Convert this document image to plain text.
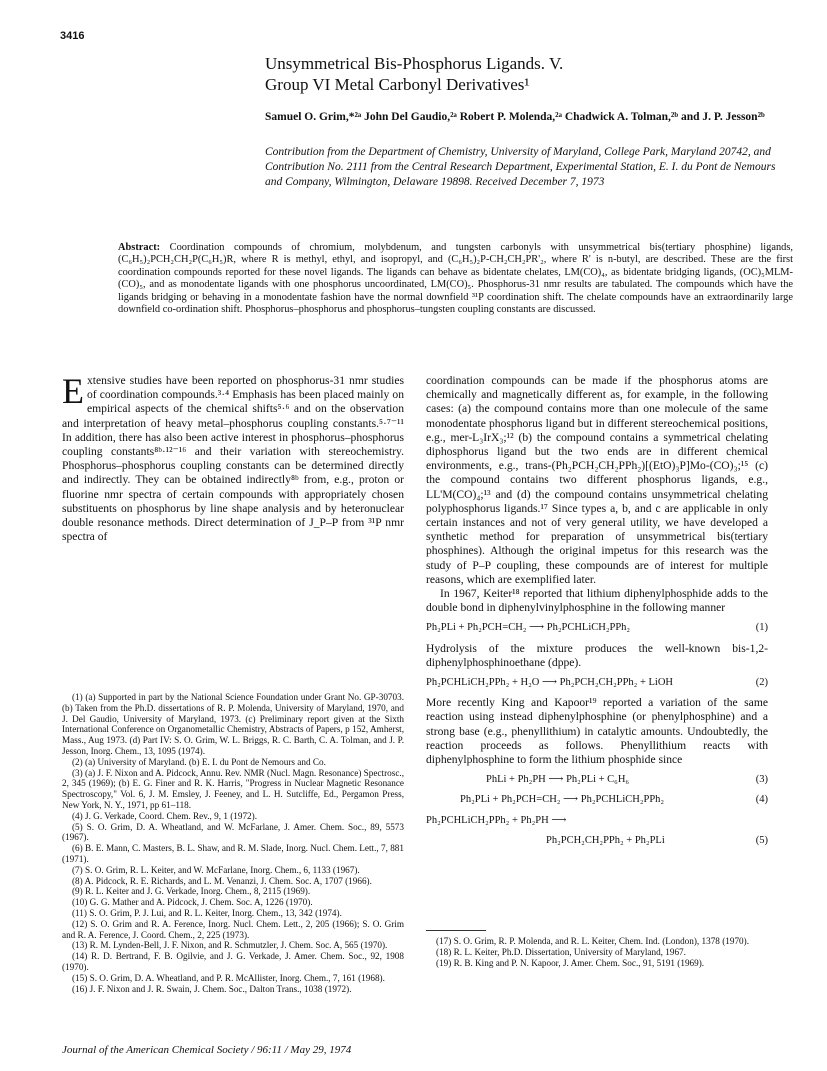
3416
Unsymmetrical Bis-Phosphorus Ligands. V.
Group VI Metal Carbonyl Derivatives¹
Samuel O. Grim,*²ᵃ John Del Gaudio,²ᵃ Robert P. Molenda,²ᵃ Chadwick A. Tolman,²ᵇ and J. P. Jesson²ᵇ
Contribution from the Department of Chemistry, University of Maryland, College Park, Maryland 20742, and Contribution No. 2111 from the Central Research Department, Experimental Station, E. I. du Pont de Nemours and Company, Wilmington, Delaware 19898. Received December 7, 1973
Abstract: Coordination compounds of chromium, molybdenum, and tungsten carbonyls with unsymmetrical bis(tertiary phosphine) ligands, (C₆H₅)₂PCH₂CH₂P(C₆H₅)R, where R is methyl, ethyl, and isopropyl, and (C₆H₅)₂P-CH₂CH₂PR'₂, where R' is n-butyl, are described. These are the first coordination compounds reported for these novel ligands. The ligands can behave as bidentate chelates, LM(CO)₄, as bidentate bridging ligands, (OC)₅MLM-(CO)₅, and as monodentate ligands with one phosphorus uncoordinated, LM(CO)₅. Phosphorus-31 nmr results are tabulated. The compounds which have the ligands bridging or behaving in a monodentate fashion have the normal downfield ³¹P coordination shift. The chelate compounds have an extraordinarily large downfield co-ordination shift. Phosphorus–phosphorus and phosphorus–tungsten coupling constants are discussed.
E xtensive studies have been reported on phosphorus-31 nmr studies of coordination compounds.³·⁴ Emphasis has been placed mainly on empirical aspects of the chemical shifts⁵·⁶ and on the observation and interpretation of heavy metal–phosphorus coupling constants.⁵·⁷⁻¹¹ In addition, there has also been active interest in phosphorus–phosphorus coupling constants⁸ᵇ·¹²⁻¹⁶ and their variation with stereochemistry. Phosphorus–phosphorus coupling constants can be determined directly and indirectly. They can be obtained indirectly⁸ᵇ from, e.g., proton or fluorine nmr spectra of certain compounds with appropriately chosen substituents on phosphorus by line shape analysis and by heteronuclear double resonance methods. Direct determination of J_P–P from ³¹P nmr spectra of

(1) (a) Supported in part by the National Science Foundation under Grant No. GP-30703. (b) Taken from the Ph.D. dissertations of R. P. Molenda, University of Maryland, 1970, and J. Del Gaudio, University of Maryland, 1973. (c) Preliminary report given at the Sixth International Conference on Organometallic Chemistry, Abstracts of Papers, p 152, Amherst, Mass., Aug 1973. (d) Part IV: S. O. Grim, W. L. Briggs, R. C. Barth, C. A. Tolman, and J. P. Jesson, Inorg. Chem., 13, 1095 (1974).

(2) (a) University of Maryland. (b) E. I. du Pont de Nemours and Co.

(3) (a) J. F. Nixon and A. Pidcock, Annu. Rev. NMR (Nucl. Magn. Resonance) Spectrosc., 2, 345 (1969); (b) E. G. Finer and R. K. Harris, "Progress in Nuclear Magnetic Resonance Spectroscopy," Vol. 6, J. M. Emsley, J. Feeney, and L. H. Sutcliffe, Ed., Pergamon Press, New York, N. Y., 1971, pp 61–118.

(4) J. G. Verkade, Coord. Chem. Rev., 9, 1 (1972).

(5) S. O. Grim, D. A. Wheatland, and W. McFarlane, J. Amer. Chem. Soc., 89, 5573 (1967).

(6) B. E. Mann, C. Masters, B. L. Shaw, and R. M. Slade, Inorg. Nucl. Chem. Lett., 7, 881 (1971).

(7) S. O. Grim, R. L. Keiter, and W. McFarlane, Inorg. Chem., 6, 1133 (1967).

(8) A. Pidcock, R. E. Richards, and L. M. Venanzi, J. Chem. Soc. A, 1707 (1966).

(9) R. L. Keiter and J. G. Verkade, Inorg. Chem., 8, 2115 (1969).

(10) G. G. Mather and A. Pidcock, J. Chem. Soc. A, 1226 (1970).

(11) S. O. Grim, P. J. Lui, and R. L. Keiter, Inorg. Chem., 13, 342 (1974).

(12) S. O. Grim and R. A. Ference, Inorg. Nucl. Chem. Lett., 2, 205 (1966); S. O. Grim and R. A. Ference, J. Coord. Chem., 2, 225 (1973).

(13) R. M. Lynden-Bell, J. F. Nixon, and R. Schmutzler, J. Chem. Soc. A, 565 (1970).

(14) R. D. Bertrand, F. B. Ogilvie, and J. G. Verkade, J. Amer. Chem. Soc., 92, 1908 (1970).

(15) S. O. Grim, D. A. Wheatland, and P. R. McAllister, Inorg. Chem., 7, 161 (1968).

(16) J. F. Nixon and J. R. Swain, J. Chem. Soc., Dalton Trans., 1038 (1972).

coordination compounds can be made if the phosphorus atoms are chemically and magnetically different as, for example, in the following cases: (a) the compound contains more than one molecule of the same monodentate phosphorus ligand but in different stereochemical positions, e.g., mer-L₃IrX₃;¹² (b) the compound contains a symmetrical chelating diphosphorus ligand but the two ends are in different chemical environments, e.g., trans-(Ph₂PCH₂CH₂PPh₂)[(EtO)₃P]Mo-(CO)₃;¹⁵ (c) the compound contains two different phosphorus ligands, e.g., LL'M(CO)₄;¹³ and (d) the compound contains unsymmetrical chelating polyphosphorus ligands.¹⁷ Since types a, b, and c are applicable in only certain instances and not of very general utility, we have developed a synthetic method for preparation of unsymmetrical bis(tertiary phosphines). Although the original impetus for this research was the study of P–P coupling, these compounds are of interest for multiple reasons, which are exemplified later.

In 1967, Keiter¹⁸ reported that lithium diphenylphosphide adds to the double bond in diphenylvinylphosphine in the following manner

Ph₂PLi + Ph₂PCH=CH₂ ⟶ Ph₂PCHLiCH₂PPh₂	(1)

Hydrolysis of the mixture produces the well-known bis-1,2-diphenylphosphinoethane (dppe).

Ph₂PCHLiCH₂PPh₂ + H₂O ⟶ Ph₂PCH₂CH₂PPh₂ + LiOH	(2)

More recently King and Kapoor¹⁹ reported a variation of the same reaction using instead diphenylphosphine (or phenylphosphine) and a strong base (e.g., phenyllithium) in catalytic amounts. Undoubtedly, the reaction proceeds as follows. Phenyllithium reacts with diphenylphosphine to form the lithium phosphide since

PhLi + Ph₂PH ⟶ Ph₂PLi + C₆H₆	(3)
Ph₂PLi + Ph₂PCH=CH₂ ⟶ Ph₂PCHLiCH₂PPh₂	(4)
Ph₂PCHLiCH₂PPh₂ + Ph₂PH ⟶
Ph₂PCH₂CH₂PPh₂ + Ph₂PLi	(5)

(17) S. O. Grim, R. P. Molenda, and R. L. Keiter, Chem. Ind. (London), 1378 (1970).

(18) R. L. Keiter, Ph.D. Dissertation, University of Maryland, 1967.

(19) R. B. King and P. N. Kapoor, J. Amer. Chem. Soc., 91, 5191 (1969).

Journal of the American Chemical Society / 96:11 / May 29, 1974
